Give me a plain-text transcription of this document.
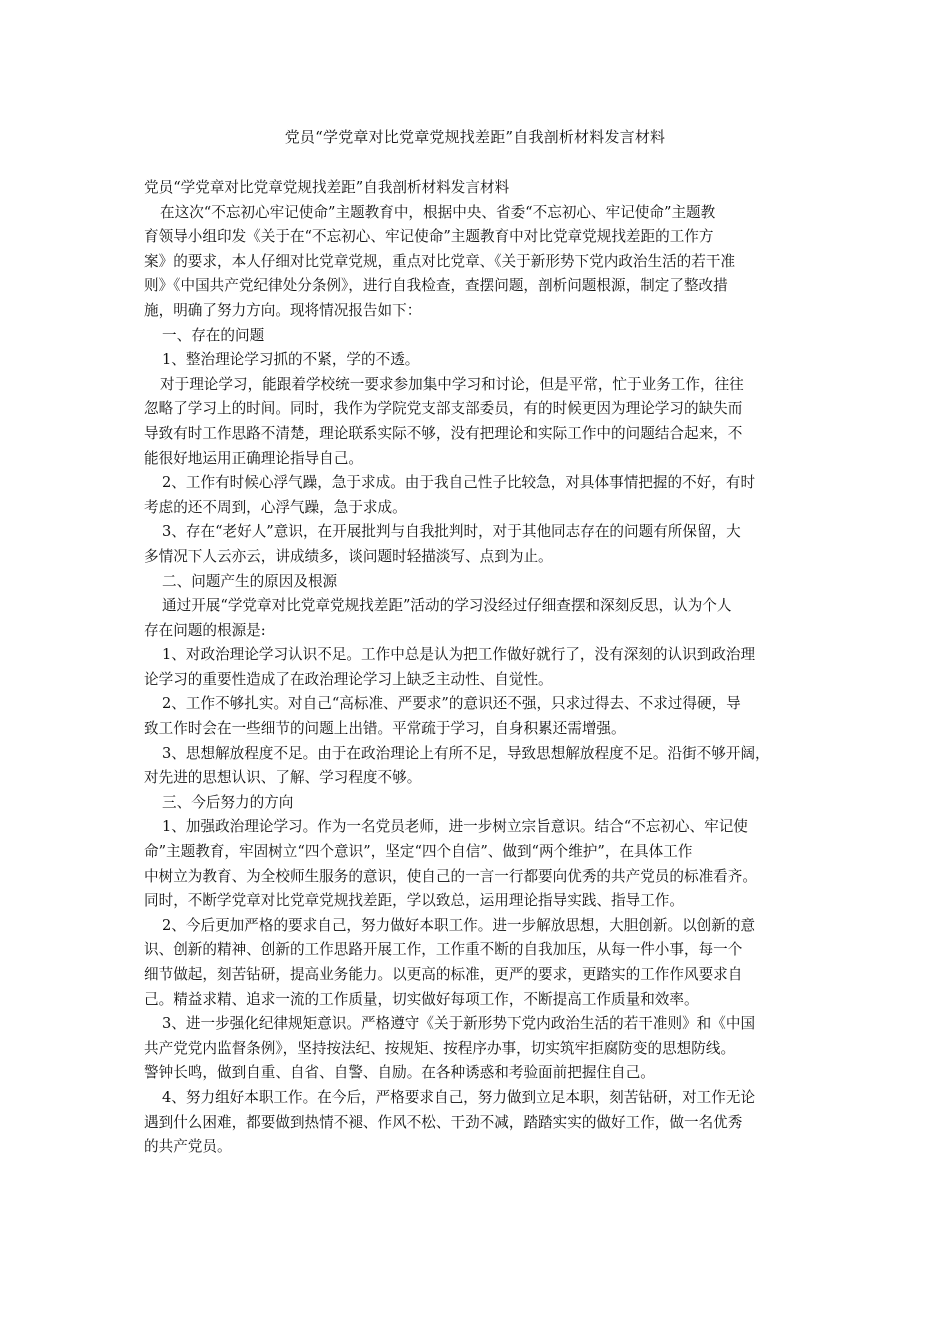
党员“学党章对比党章党规找差距”自我剖析材料发言材料
党员“学党章对比党章党规找差距”自我剖析材料发言材料
在这次“不忘初心牢记使命”主题教育中，根据中央、省委“不忘初心、牢记使命”主题教
育领导小组印发《关于在“不忘初心、牢记使命”主题教育中对比党章党规找差距的工作方
案》的要求，本人仔细对比党章党规，重点对比党章、《关于新形势下党内政治生活的若干准
则》《中国共产党纪律处分条例》，进行自我检查，查摆问题，剖析问题根源，制定了整改措
施，明确了努力方向。现将情况报告如下：
一、存在的问题
1、整治理论学习抓的不紧，学的不透。
对于理论学习，能跟着学校统一要求参加集中学习和讨论，但是平常，忙于业务工作，往往
忽略了学习上的时间。同时，我作为学院党支部支部委员，有的时候更因为理论学习的缺失而
导致有时工作思路不清楚，理论联系实际不够，没有把理论和实际工作中的问题结合起来，不
能很好地运用正确理论指导自己。
2、工作有时候心浮气躁，急于求成。由于我自己性子比较急，对具体事情把握的不好，有时
考虑的还不周到，心浮气躁，急于求成。
3、存在“老好人”意识，在开展批判与自我批判时，对于其他同志存在的问题有所保留，大
多情况下人云亦云，讲成绩多，谈问题时轻描淡写、点到为止。
二、问题产生的原因及根源
通过开展“学党章对比党章党规找差距”活动的学习没经过仔细查摆和深刻反思，认为个人
存在问题的根源是:
1、对政治理论学习认识不足。工作中总是认为把工作做好就行了，没有深刻的认识到政治理
论学习的重要性造成了在政治理论学习上缺乏主动性、自觉性。
2、工作不够扎实。对自己“高标准、严要求”的意识还不强，只求过得去、不求过得硬，导
致工作时会在一些细节的问题上出错。平常疏于学习，自身积累还需增强。
3、思想解放程度不足。由于在政治理论上有所不足，导致思想解放程度不足。沿街不够开阔，
对先进的思想认识、了解、学习程度不够。
三、今后努力的方向
1、加强政治理论学习。作为一名党员老师，进一步树立宗旨意识。结合“不忘初心、牢记使
命”主题教育，牢固树立“四个意识”，坚定“四个自信”、做到“两个维护”，在具体工作
中树立为教育、为全校师生服务的意识，使自己的一言一行都要向优秀的共产党员的标准看齐。
同时，不断学党章对比党章党规找差距，学以致总，运用理论指导实践、指导工作。
2、今后更加严格的要求自己，努力做好本职工作。进一步解放思想，大胆创新。以创新的意
识、创新的精神、创新的工作思路开展工作，工作重不断的自我加压，从每一件小事，每一个
细节做起，刻苦钻研，提高业务能力。以更高的标准，更严的要求，更踏实的工作作风要求自
己。精益求精、追求一流的工作质量，切实做好每项工作，不断提高工作质量和效率。
3、进一步强化纪律规矩意识。严格遵守《关于新形势下党内政治生活的若干准则》和《中国
共产党党内监督条例》，坚持按法纪、按规矩、按程序办事，切实筑牢拒腐防变的思想防线。
警钟长鸣，做到自重、自省、自警、自励。在各种诱惑和考验面前把握住自己。
4、努力组好本职工作。在今后，严格要求自己，努力做到立足本职，刻苦钻研，对工作无论
遇到什么困难，都要做到热情不褪、作风不松、干劲不减，踏踏实实的做好工作，做一名优秀
的共产党员。
